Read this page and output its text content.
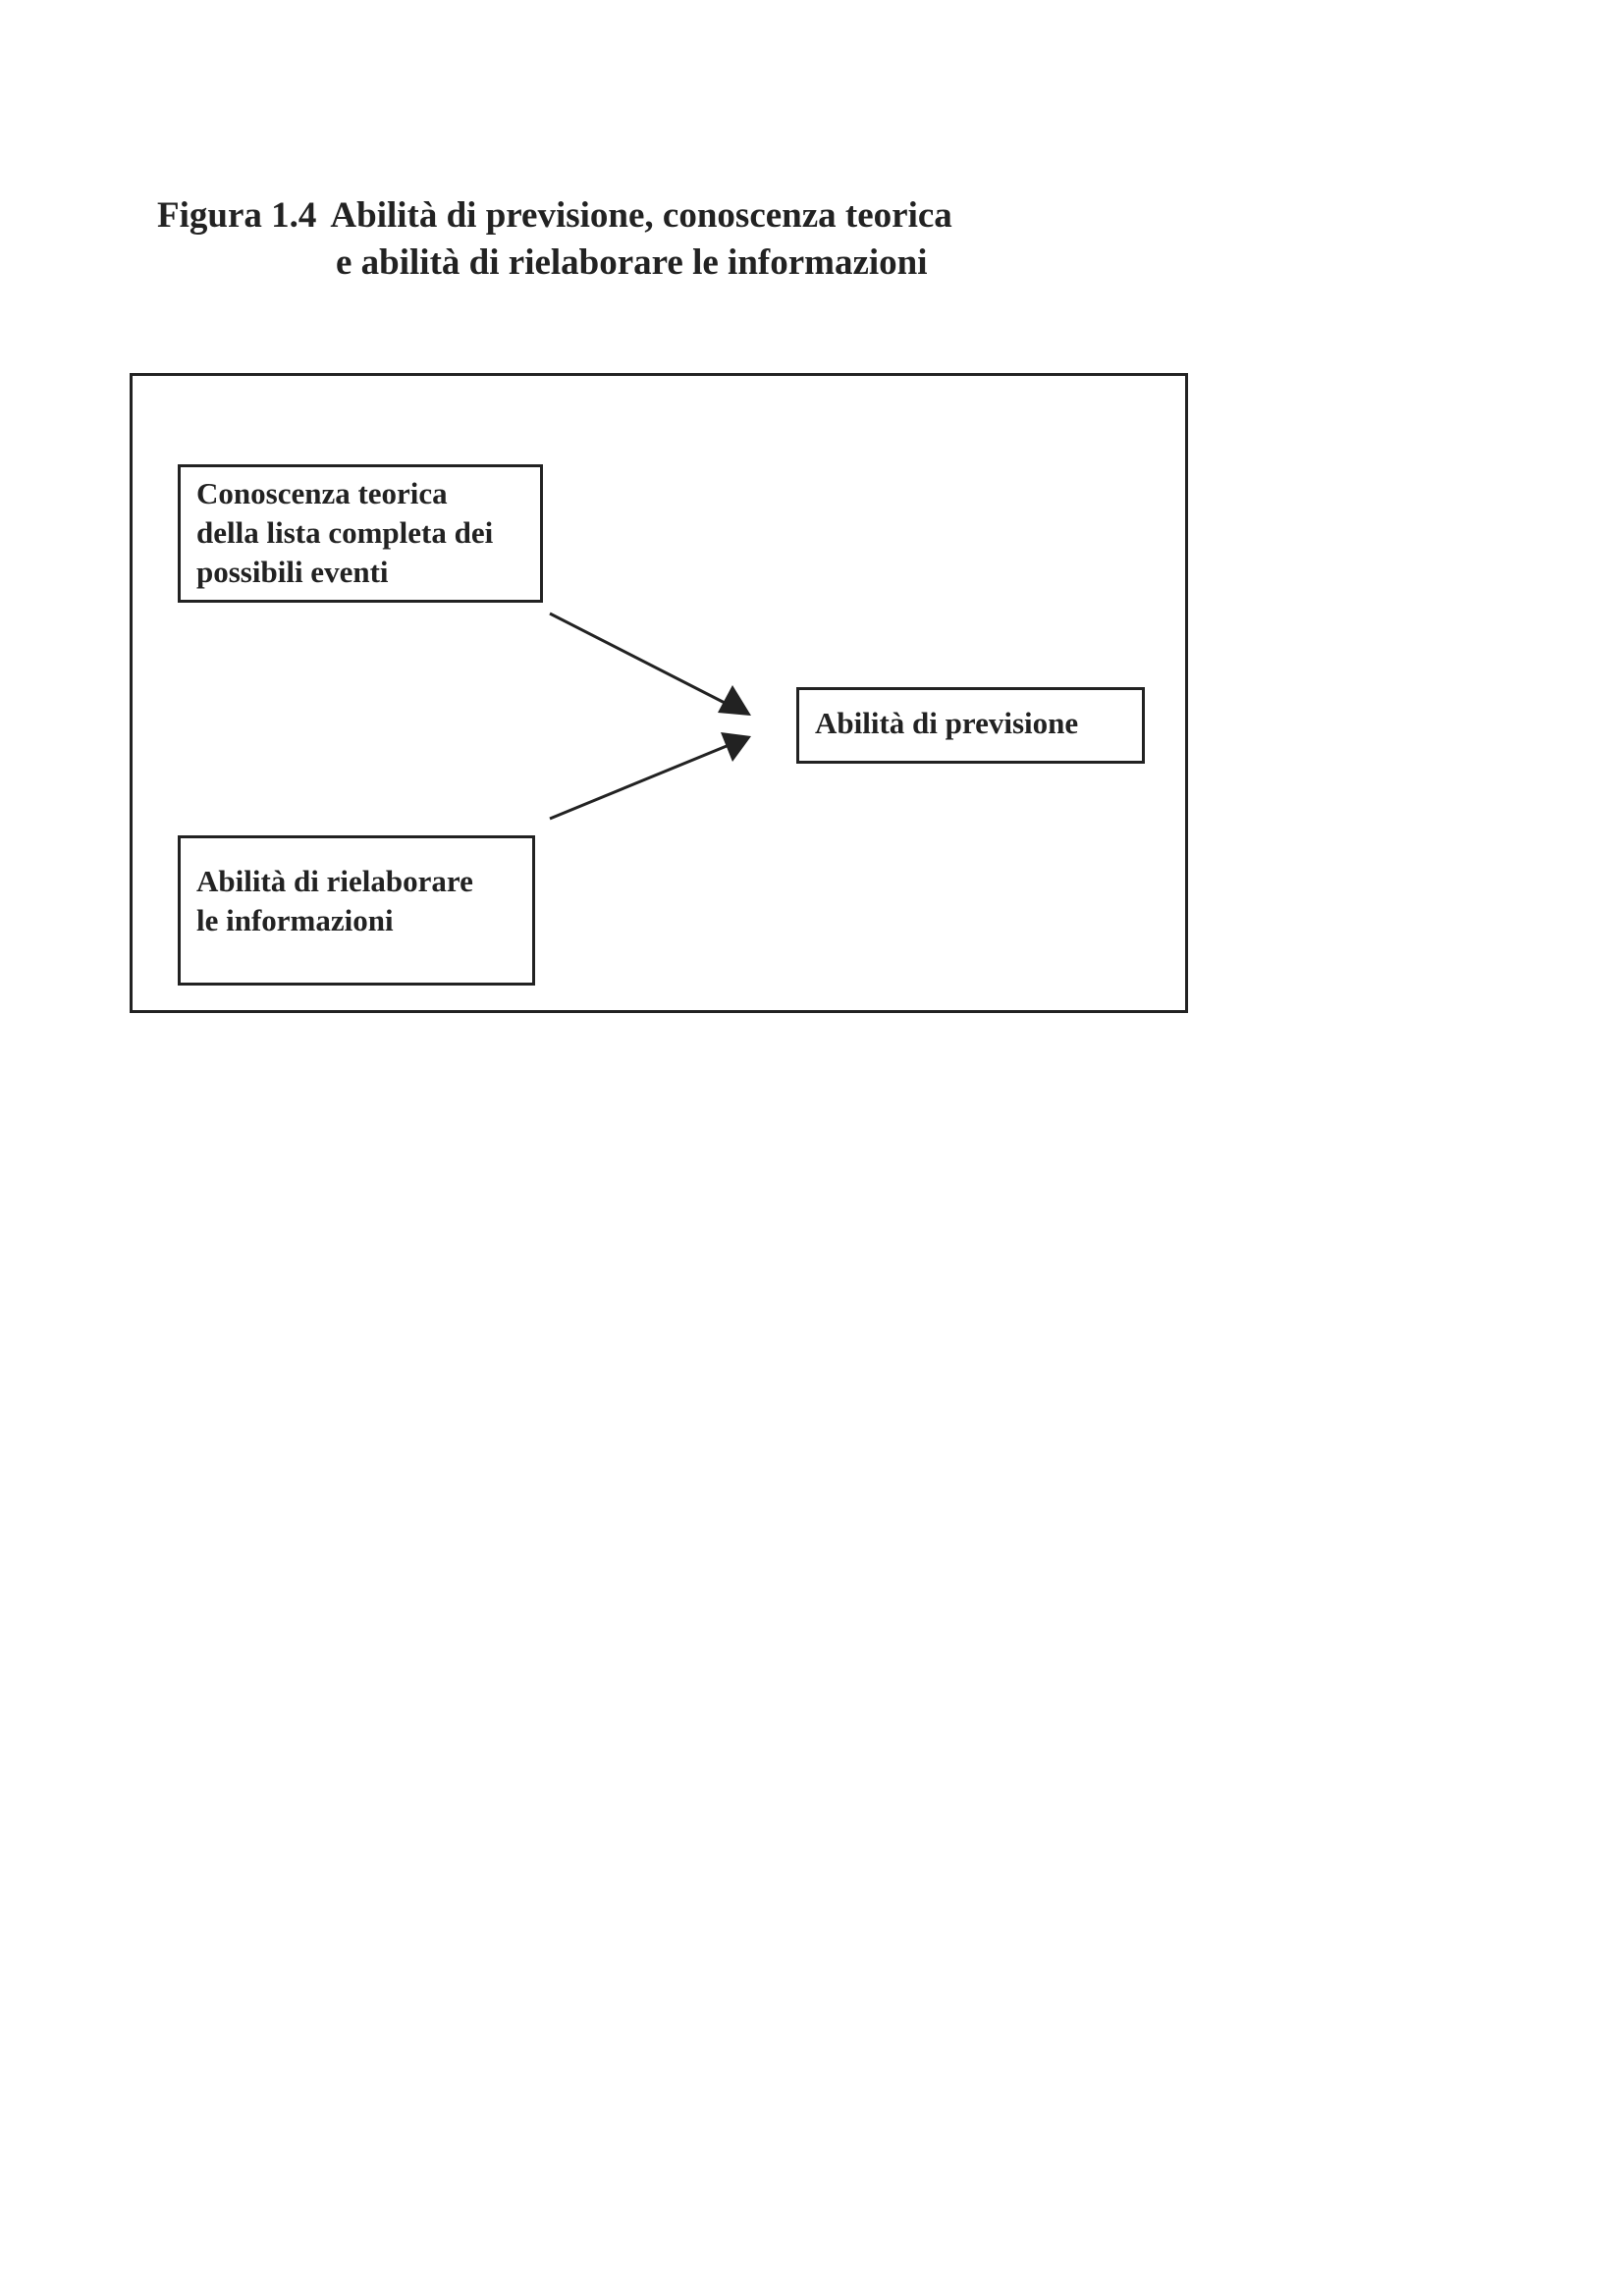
Figura 1.4 Abilità di previsione, conoscenza teorica
e abilità di rielaborare le informazioni
Conoscenza teorica
della lista completa dei
possibili eventi
Abilità di rielaborare
le informazioni
Abilità di previsione
